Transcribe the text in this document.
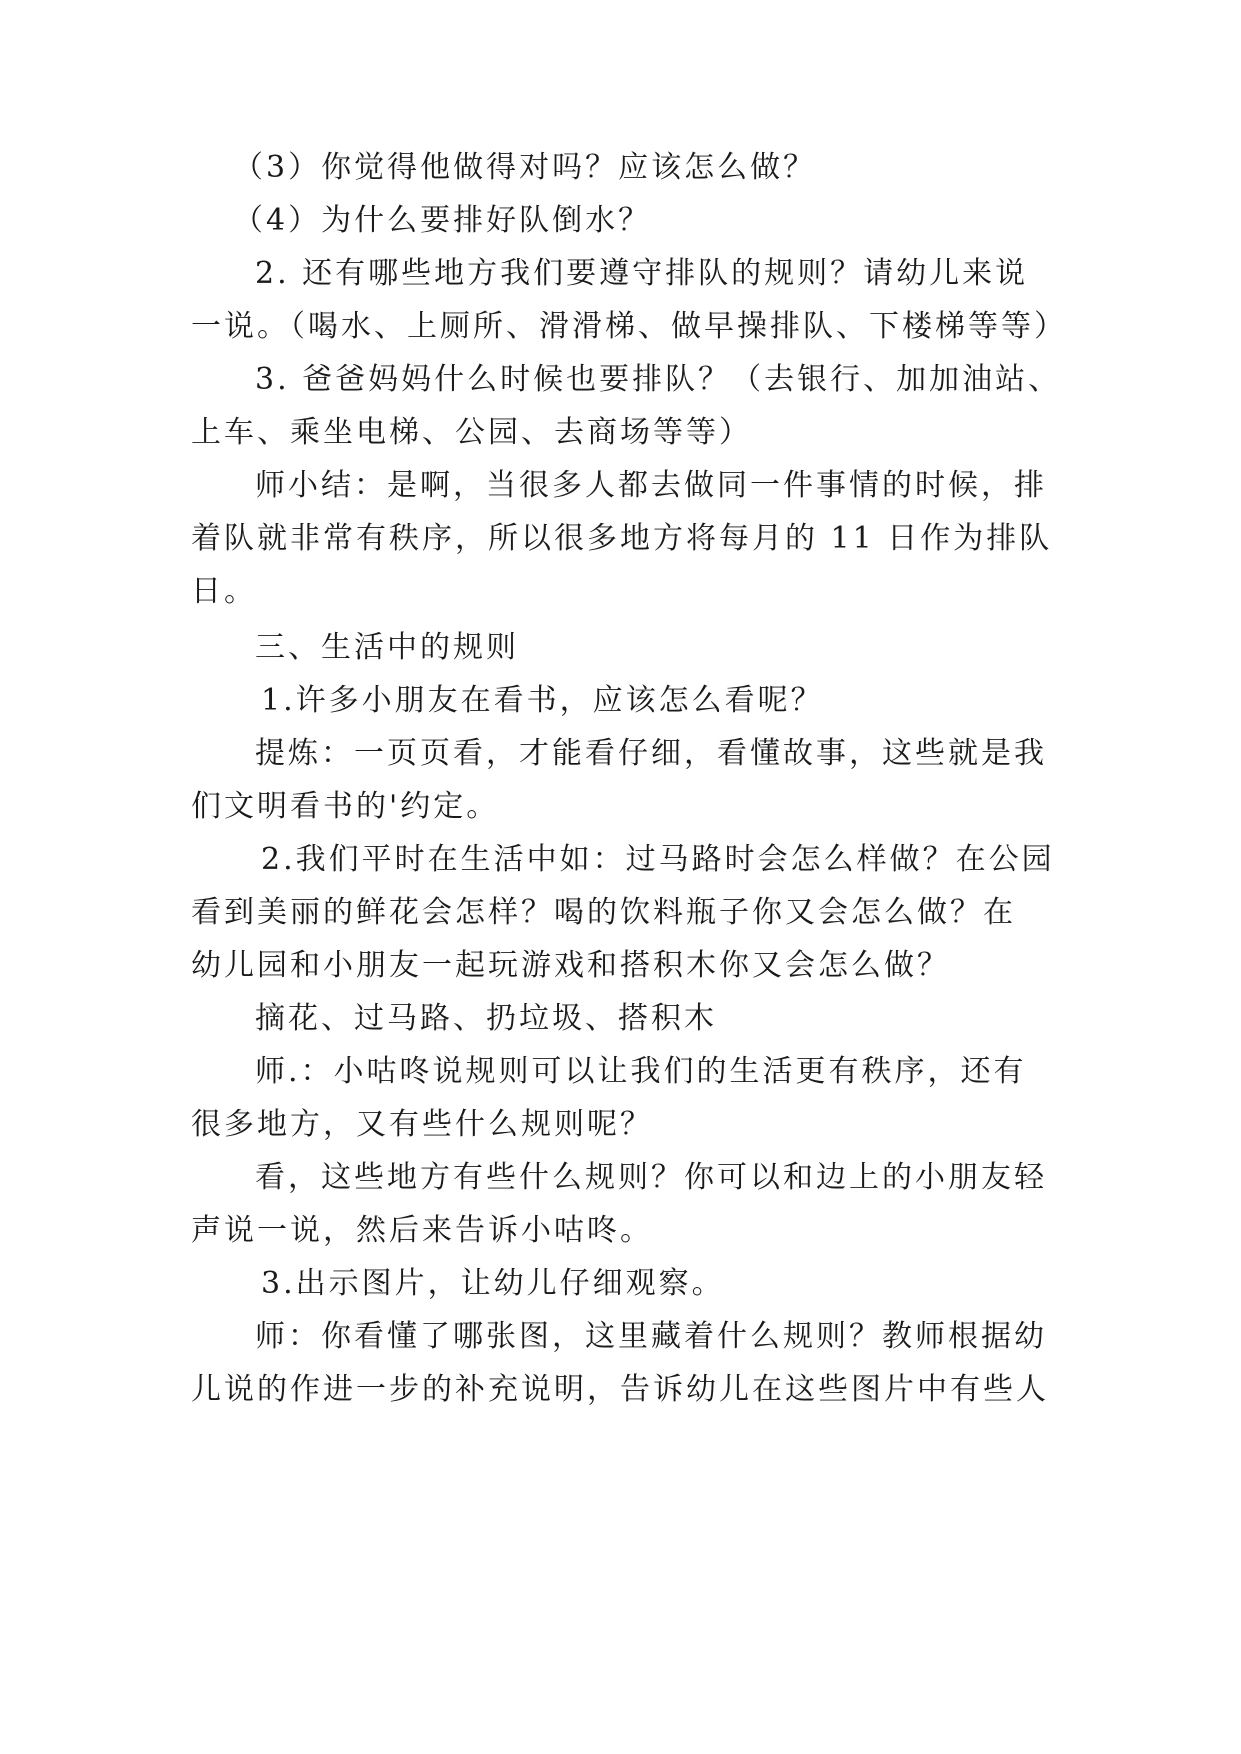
（3）你觉得他做得对吗？应该怎么做？
（4）为什么要排好队倒水？
2. 还有哪些地方我们要遵守排队的规则？请幼儿来说
一说。（喝水、上厕所、滑滑梯、做早操排队、下楼梯等等）
3. 爸爸妈妈什么时候也要排队？（去银行、加加油站、
上车、乘坐电梯、公园、去商场等等）
师小结：是啊，当很多人都去做同一件事情的时候，排
着队就非常有秩序，所以很多地方将每月的 11 日作为排队
日。
三、生活中的规则
1.许多小朋友在看书，应该怎么看呢？
提炼：一页页看，才能看仔细，看懂故事，这些就是我
们文明看书的'约定。
2.我们平时在生活中如：过马路时会怎么样做？在公园
看到美丽的鲜花会怎样？喝的饮料瓶子你又会怎么做？在
幼儿园和小朋友一起玩游戏和搭积木你又会怎么做？
摘花、过马路、扔垃圾、搭积木
师.：小咕咚说规则可以让我们的生活更有秩序，还有
很多地方，又有些什么规则呢？
看，这些地方有些什么规则？你可以和边上的小朋友轻
声说一说，然后来告诉小咕咚。
3.出示图片，让幼儿仔细观察。
师：你看懂了哪张图，这里藏着什么规则？教师根据幼
儿说的作进一步的补充说明，告诉幼儿在这些图片中有些人
